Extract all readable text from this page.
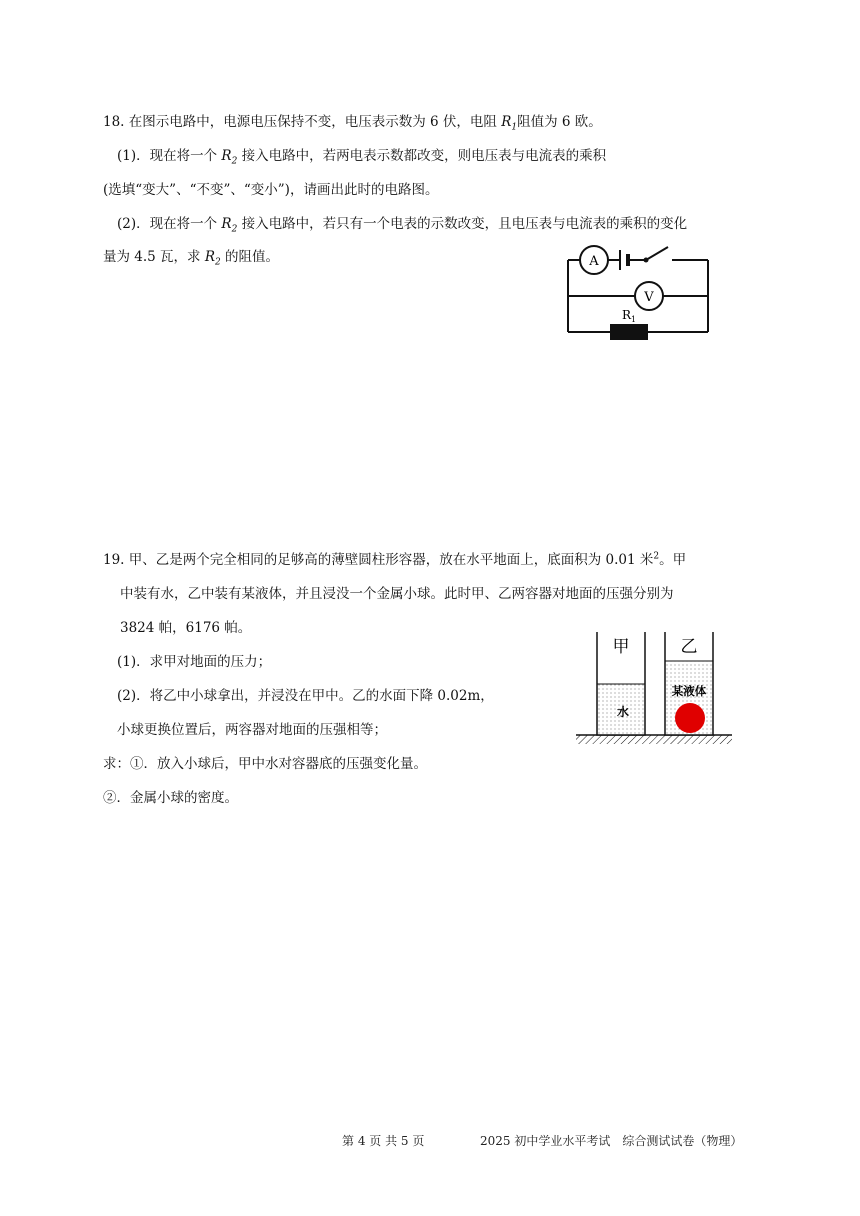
18. 在图示电路中，电源电压保持不变，电压表示数为 6 伏，电阻 $R_1$阻值为 6 欧。
(1)．现在将一个 $R_2$ 接入电路中，若两电表示数都改变，则电压表与电流表的乘积
(选填“变大”、“不变”、“变小”)，请画出此时的电路图。
(2)．现在将一个 $R_2$ 接入电路中，若只有一个电表的示数改变，且电压表与电流表的乘积的变化
量为 4.5 瓦，求 $R_2$ 的阻值。	A
V
$R_1$
19. 甲、乙是两个完全相同的足够高的薄壁圆柱形容器，放在水平地面上，底面积为 0.01 米$^2$。甲
中装有水，乙中装有某液体，并且浸没一个金属小球。此时甲、乙两容器对地面的压强分别为
3824 帕，6176 帕。
(1)．求甲对地面的压力；
(2)．将乙中小球拿出，并浸没在甲中。乙的水面下降 0.02m，
小球更换位置后，两容器对地面的压强相等；
求：①．放入小球后，甲中水对容器底的压强变化量。
②．金属小球的密度。
甲	乙
水
某液体
第 4 页 共 5 页	2025 初中学业水平考试　综合测试试卷（物理）
